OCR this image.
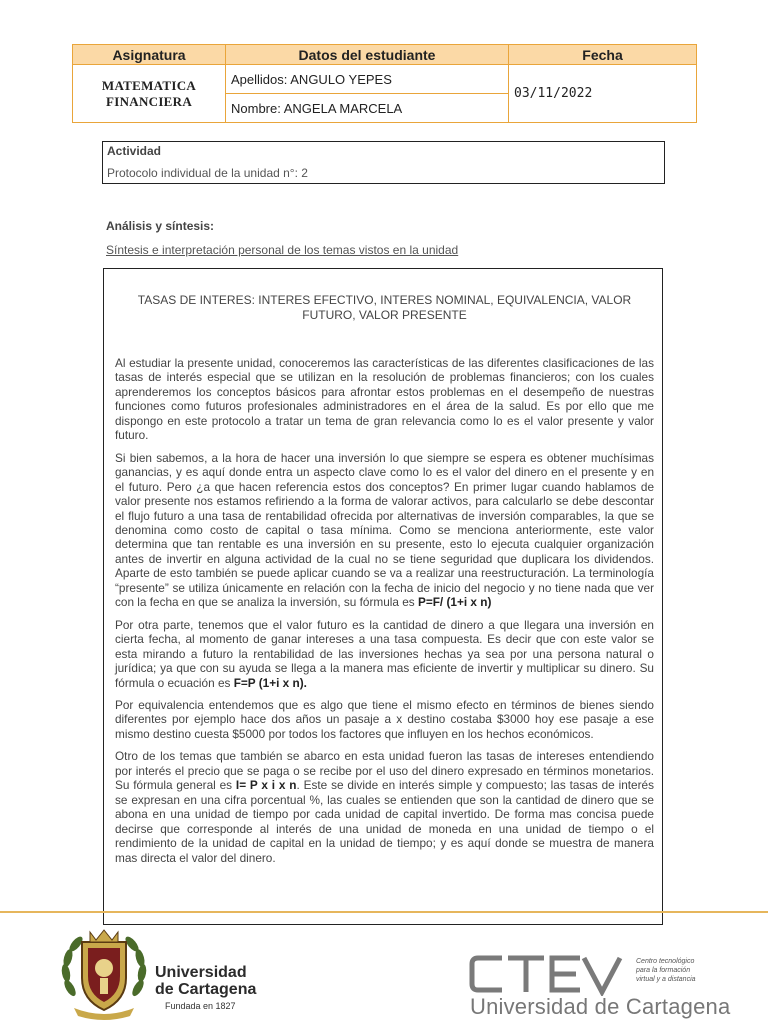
Asignatura	Datos del estudiante	Fecha

MATEMATICA
FINANCIERA	Apellidos: ANGULO YEPES	03/11/2022
	Nombre: ANGELA MARCELA	
Actividad
Protocolo individual de la unidad n°: 2
Análisis y síntesis:
Síntesis e interpretación personal de los temas vistos en la unidad
TASAS DE INTERES: INTERES EFECTIVO, INTERES NOMINAL, EQUIVALENCIA, VALOR FUTURO, VALOR PRESENTE

Al estudiar la presente unidad, conoceremos las características de las diferentes clasificaciones de las tasas de interés especial que se utilizan en la resolución de problemas financieros; con los cuales aprenderemos los conceptos básicos para afrontar estos problemas en el desempeño de nuestras funciones como futuros profesionales administradores en el área de la salud. Es por ello que me dispongo en este protocolo a tratar un tema de gran relevancia como lo es el valor presente y valor futuro.

Si bien sabemos, a la hora de hacer una inversión lo que siempre se espera es obtener muchísimas ganancias, y es aquí donde entra un aspecto clave como lo es el valor del dinero en el presente y en el futuro. Pero ¿a que hacen referencia estos dos conceptos? En primer lugar cuando hablamos de valor presente nos estamos refiriendo a la forma de valorar activos, para calcularlo se debe descontar el flujo futuro a una tasa de rentabilidad ofrecida por alternativas de inversión comparables, la que se denomina como costo de capital o tasa mínima. Como se menciona anteriormente, este valor determina que tan rentable es una inversión en su presente, esto lo ejecuta cualquier organización antes de invertir en alguna actividad de la cual no se tiene seguridad que duplicara los dividendos. Aparte de esto también se puede aplicar cuando se va a realizar una reestructuración. La terminología “presente” se utiliza únicamente en relación con la fecha de inicio del negocio y no tiene nada que ver con la fecha en que se analiza la inversión, su fórmula es P=F/ (1+i x n)

Por otra parte, tenemos que el valor futuro es la cantidad de dinero a que llegara una inversión en cierta fecha, al momento de ganar intereses a una tasa compuesta. Es decir que con este valor se esta mirando a futuro la rentabilidad de las inversiones hechas ya sea por una persona natural o jurídica; ya que con su ayuda se llega a la manera mas eficiente de invertir y multiplicar su dinero. Su fórmula o ecuación es F=P (1+i x n).

Por equivalencia entendemos que es algo que tiene el mismo efecto en términos de bienes siendo diferentes por ejemplo hace dos años un pasaje a x destino costaba $3000 hoy ese pasaje a ese mismo destino cuesta $5000 por todos los factores que influyen en los hechos económicos.

Otro de los temas que también se abarco en esta unidad fueron las tasas de intereses entendiendo por interés el precio que se paga o se recibe por el uso del dinero expresado en términos monetarios. Su fórmula general es I= P x i x n. Este se divide en interés simple y compuesto; las tasas de interés se expresan en una cifra porcentual %, las cuales se entienden que son la cantidad de dinero que se abona en una unidad de tiempo por cada unidad de capital invertido. De forma mas concisa puede decirse que corresponde al interés de una unidad de moneda en una unidad de tiempo o el rendimiento de la unidad de capital en la unidad de tiempo; y es aquí donde se muestra de manera mas directa el valor del dinero.

Universidad
de Cartagena
Fundada en 1827
Centro tecnológico
para la formación
virtual y a distancia
Universidad de Cartagena
